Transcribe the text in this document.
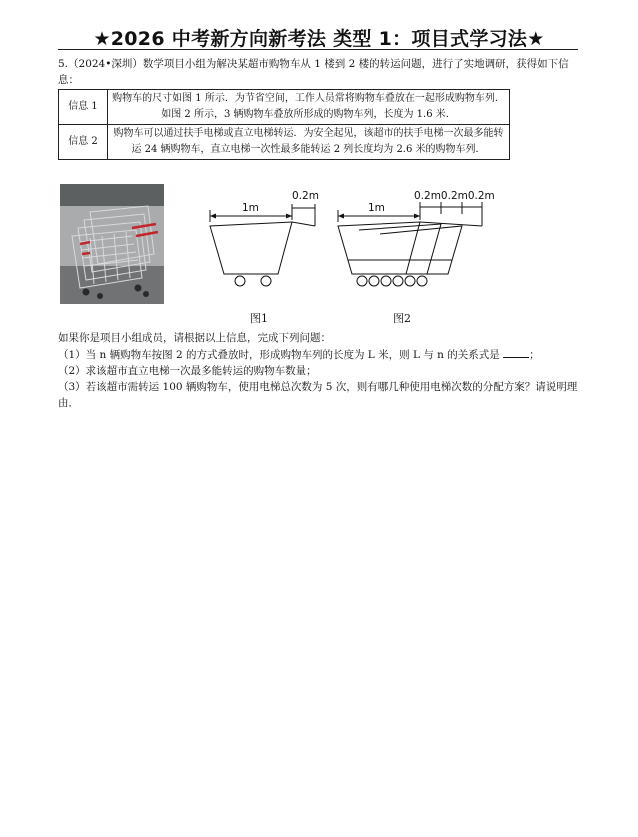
★2026 中考新方向新考法 类型 1：项目式学习法★
5.（2024•深圳）数学项目小组为解决某超市购物车从 1 楼到 2 楼的转运问题，进行了实地调研，获得如下信息：
信息 1	购物车的尺寸如图 1 所示．为节省空间，工作人员常将购物车叠放在一起形成购物车列．如图 2 所示，3 辆购物车叠放所形成的购物车列，长度为 1.6 米．
信息 2	购物车可以通过扶手电梯或直立电梯转运．为安全起见，该超市的扶手电梯一次最多能转运 24 辆购物车，直立电梯一次性最多能转运 2 列长度均为 2.6 米的购物车列．
1m
0.2m
1m
0.2m0.2m0.2m
图1	图2

如果你是项目小组成员，请根据以上信息，完成下列问题：

（1）当 n 辆购物车按图 2 的方式叠放时，形成购物车列的长度为 L 米，则 L 与 n 的关系式是	；

（2）求该超市直立电梯一次最多能转运的购物车数量；

（3）若该超市需转运 100 辆购物车，使用电梯总次数为 5 次，则有哪几种使用电梯次数的分配方案？请说明理由．
